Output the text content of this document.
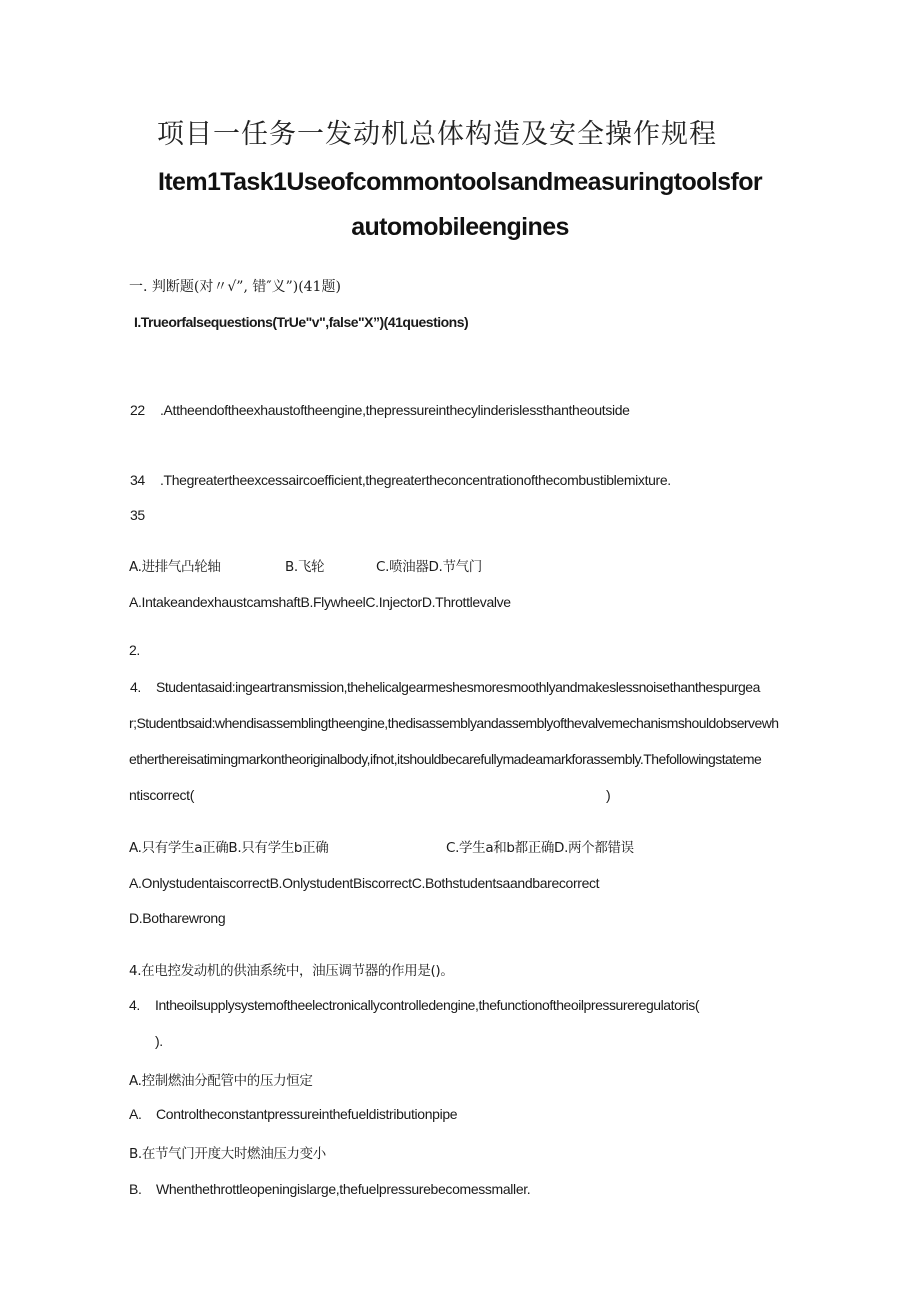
项目一任务一发动机总体构造及安全操作规程
Item1Task1Useofcommontoolsandmeasuringtoolsfor
automobileengines
一. 判断题(对〃√”, 错″义”)(41题)
I.Trueorfalsequestions(TrUe"v",false"X”)(41questions)
22 .Attheendoftheexhaustoftheengine,thepressureinthecylinderislessthantheoutside
34 .Thegreatertheexcessaircoefficient,thegreatertheconcentrationofthecombustiblemixture.
35
A.进排气凸轮轴	B.飞轮	C.喷油器D.节气门
A.IntakeandexhaustcamshaftB.FlywheelC.InjectorD.Throttlevalve
2.
4. Studentasaid:ingeartransmission,thehelicalgearmeshesmoresmoothlyandmakeslessnoisethanthespurgea
r;Studentbsaid:whendisassemblingtheengine,thedisassemblyandassemblyofthevalvemechanismshouldobservewh
etherthereisatimingmarkontheoriginalbody,ifnot,itshouldbecarefullymadeamarkforassembly.Thefollowingstateme
ntiscorrect(	)
A.只有学生a正确B.只有学生b正确	C.学生a和b都正确D.两个都错误
A.OnlystudentaiscorrectB.OnlystudentBiscorrectC.Bothstudentsaandbarecorrect
D.Botharewrong
4.在电控发动机的供油系统中，油压调节器的作用是()。
4. Intheoilsupplysystemoftheelectronicallycontrolledengine,thefunctionoftheoilpressureregulatoris(
).
A.控制燃油分配管中的压力恒定
A. Controltheconstantpressureinthefueldistributionpipe
B.在节气门开度大时燃油压力变小
B. Whenthethrottleopeningislarge,thefuelpressurebecomessmaller.
